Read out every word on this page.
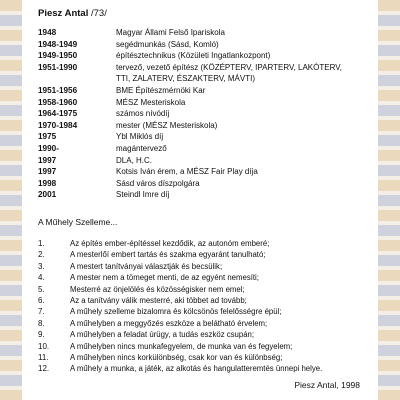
Piesz Antal /73/
1948	Magyar Állami Felső Ipariskola
1948-1949	segédmunkás (Sásd, Komló)
1949-1950	építésztechnikus (Közületi Ingatlankozpont)
1951-1990	tervező, vezető építész (KÖZÉPTERV, IPARTERV, LAKÓTERV,
TTI, ZALATERV, ÉSZAKTERV, MÁVTI)
1951-1956	BME Építészmérnöki Kar
1958-1960	MÉSZ Mesteriskola
1964-1975	számos nívódíj
1970-1984	mester (MÉSZ Mesteriskola)
1975	Ybl Miklós díj
1990-	magántervező
1997	DLA, H.C.
1997	Kotsis Iván érem, a MÉSZ Fair Play díja
1998	Sásd város díszpolgára
2001	Steindl Imre díj
A Műhely Szelleme...
1.	Az építés ember-építéssel kezdődik, az autonóm emberé;
2.	A mesterlőí embert tartás és szakma egyaránt tanulható;
3.	A mestert tanítványai választják és becsülik;
4.	A mester nem a tömeget menti, de az egyént nemesíti;
5.	Mesterré az önjelölés és közösségisker nem emel;
6.	Az a tanítvány válik mesterré, aki többet ad tovább;
7.	A műhely szelleme bizalomra és kölcsönös felelősségre épül;
8.	A műhelyben a meggyőzés eszköze a belátható érvelem;
9.	A műhelyben a feladat úrügy, a tudás eszköz csupán;
10.	A műhelyben nincs munkafegyelem, de munka van és fegyelem;
11.	A műhelyben nincs korkülönbség, csak kor van és különbség;
12.	A műhely a munka, a játék, az alkotás és hangulatteremtés ünnepi helye.
Piesz Antal, 1998
